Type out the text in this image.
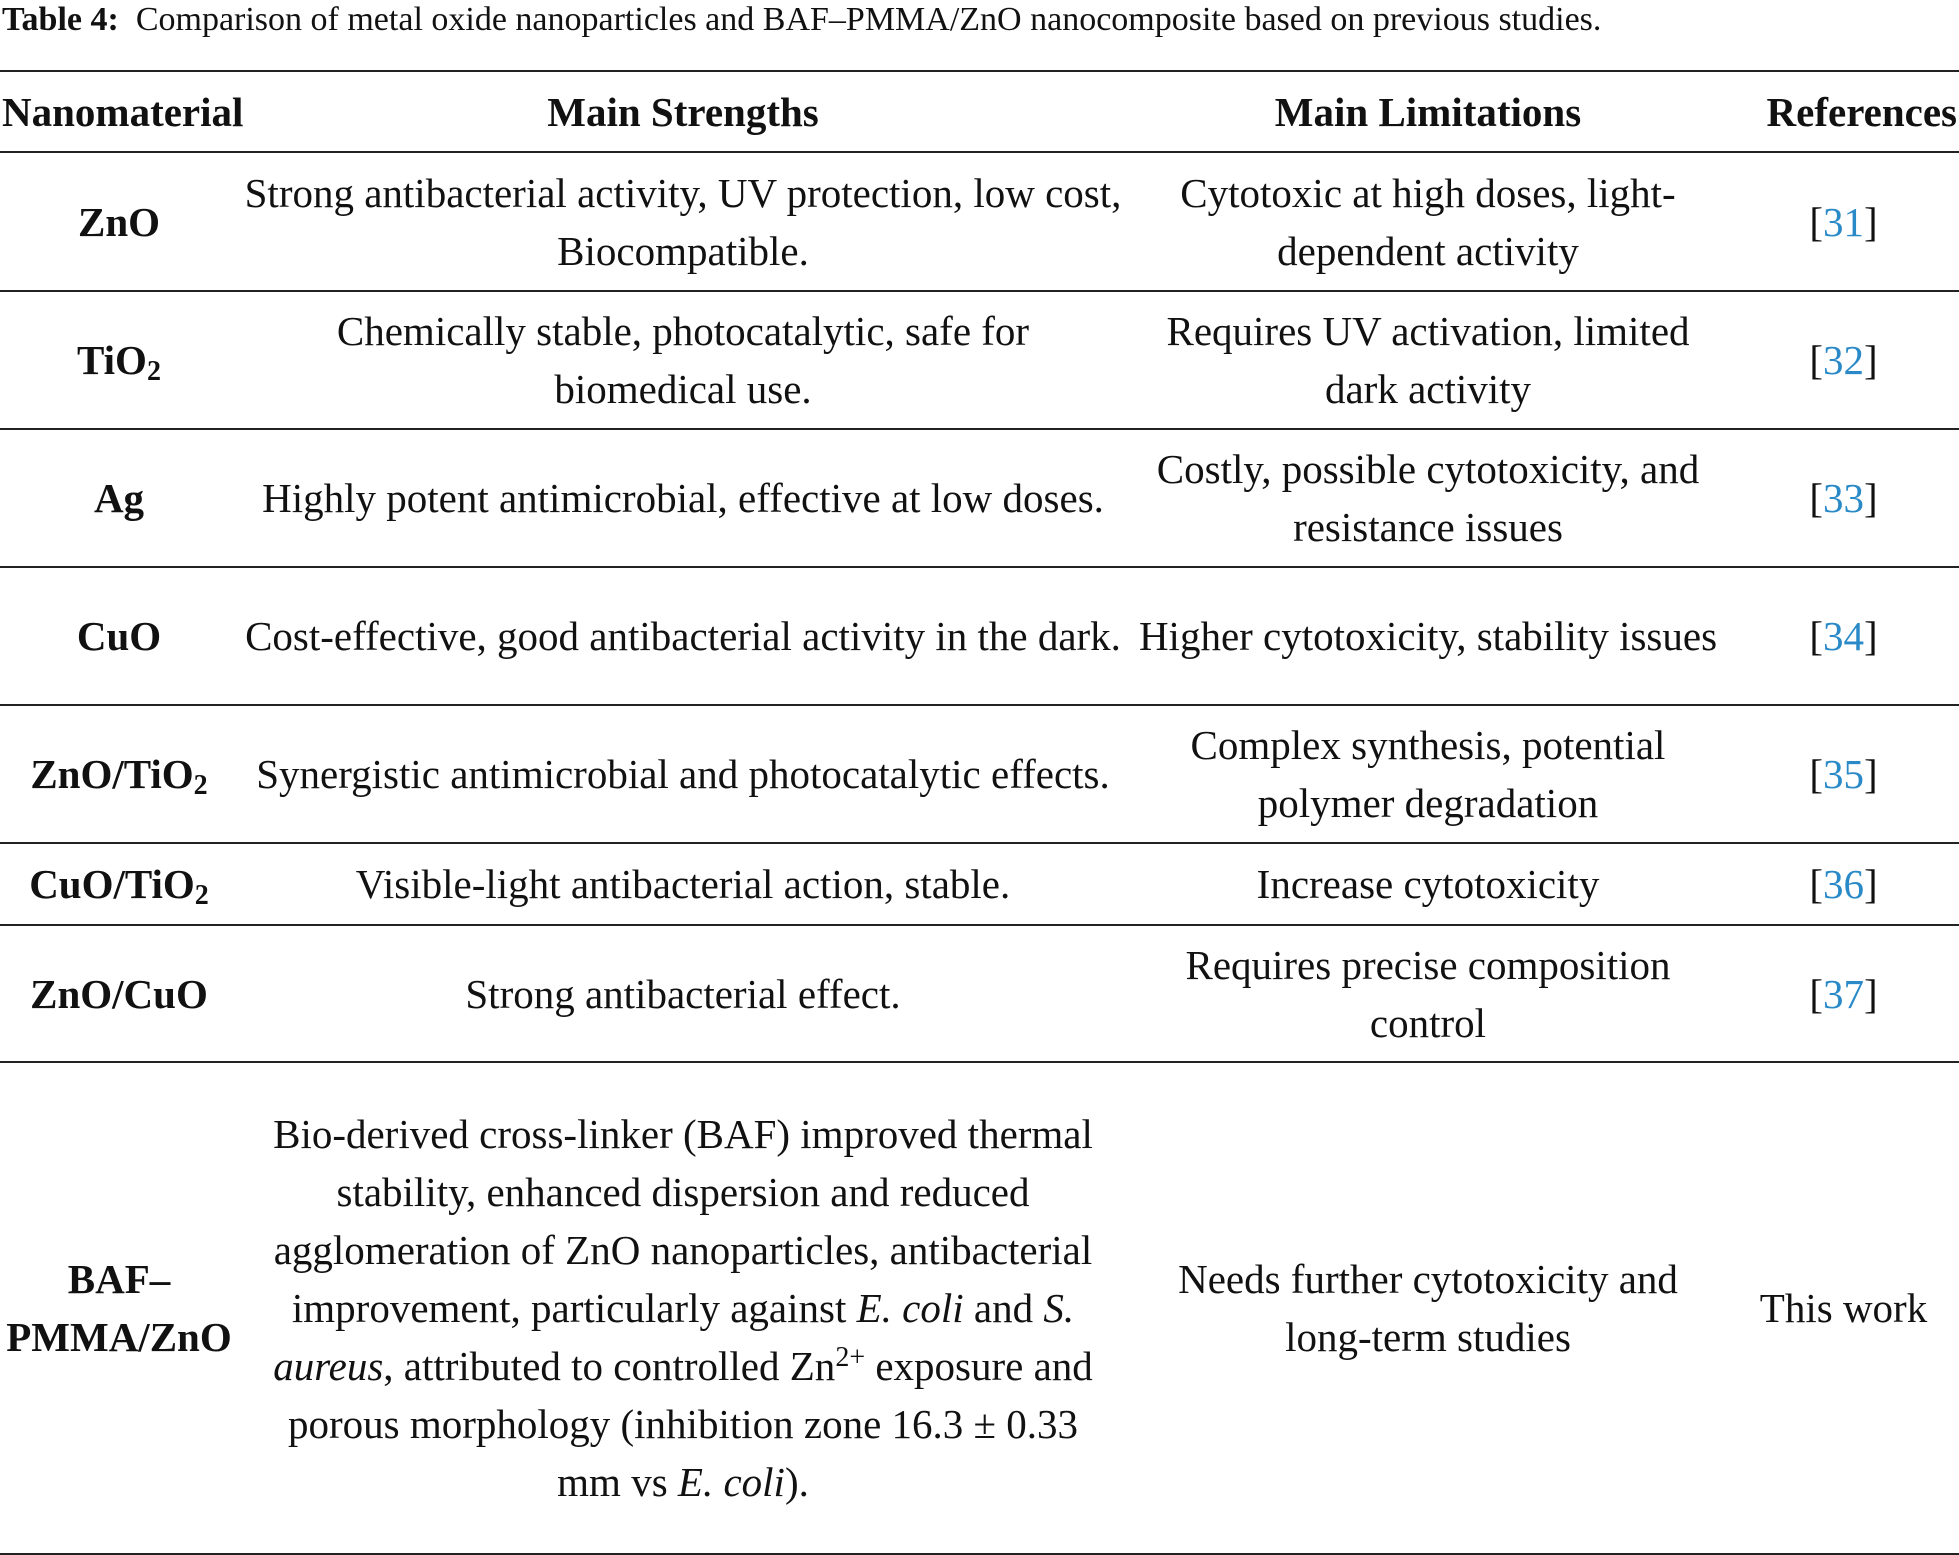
Table 4: Comparison of metal oxide nanoparticles and BAF–PMMA/ZnO nanocomposite based on previous studies.
Nanomaterial	Main Strengths	Main Limitations	References
ZnO	Strong antibacterial activity, UV protection, low cost, Biocompatible.	Cytotoxic at high doses, light-dependent activity	[31]
TiO$_2$	Chemically stable, photocatalytic, safe for biomedical use.	Requires UV activation, limited dark activity	[32]
Ag	Highly potent antimicrobial, effective at low doses.	Costly, possible cytotoxicity, and resistance issues	[33]
CuO	Cost-effective, good antibacterial activity in the dark.	Higher cytotoxicity, stability issues	[34]
ZnO/TiO$_2$	Synergistic antimicrobial and photocatalytic effects.	Complex synthesis, potential polymer degradation	[35]
CuO/TiO$_2$	Visible-light antibacterial action, stable.	Increase cytotoxicity	[36]
ZnO/CuO	Strong antibacterial effect.	Requires precise composition control	[37]
BAF–PMMA/ZnO	Bio-derived cross-linker (BAF) improved thermal stability, enhanced dispersion and reduced agglomeration of ZnO nanoparticles, antibacterial improvement, particularly against E. coli and S. aureus, attributed to controlled $Zn^{2+}$ exposure and porous morphology (inhibition zone 16.3 ± 0.33 mm vs E. coli).	Needs further cytotoxicity and long-term studies	This work
